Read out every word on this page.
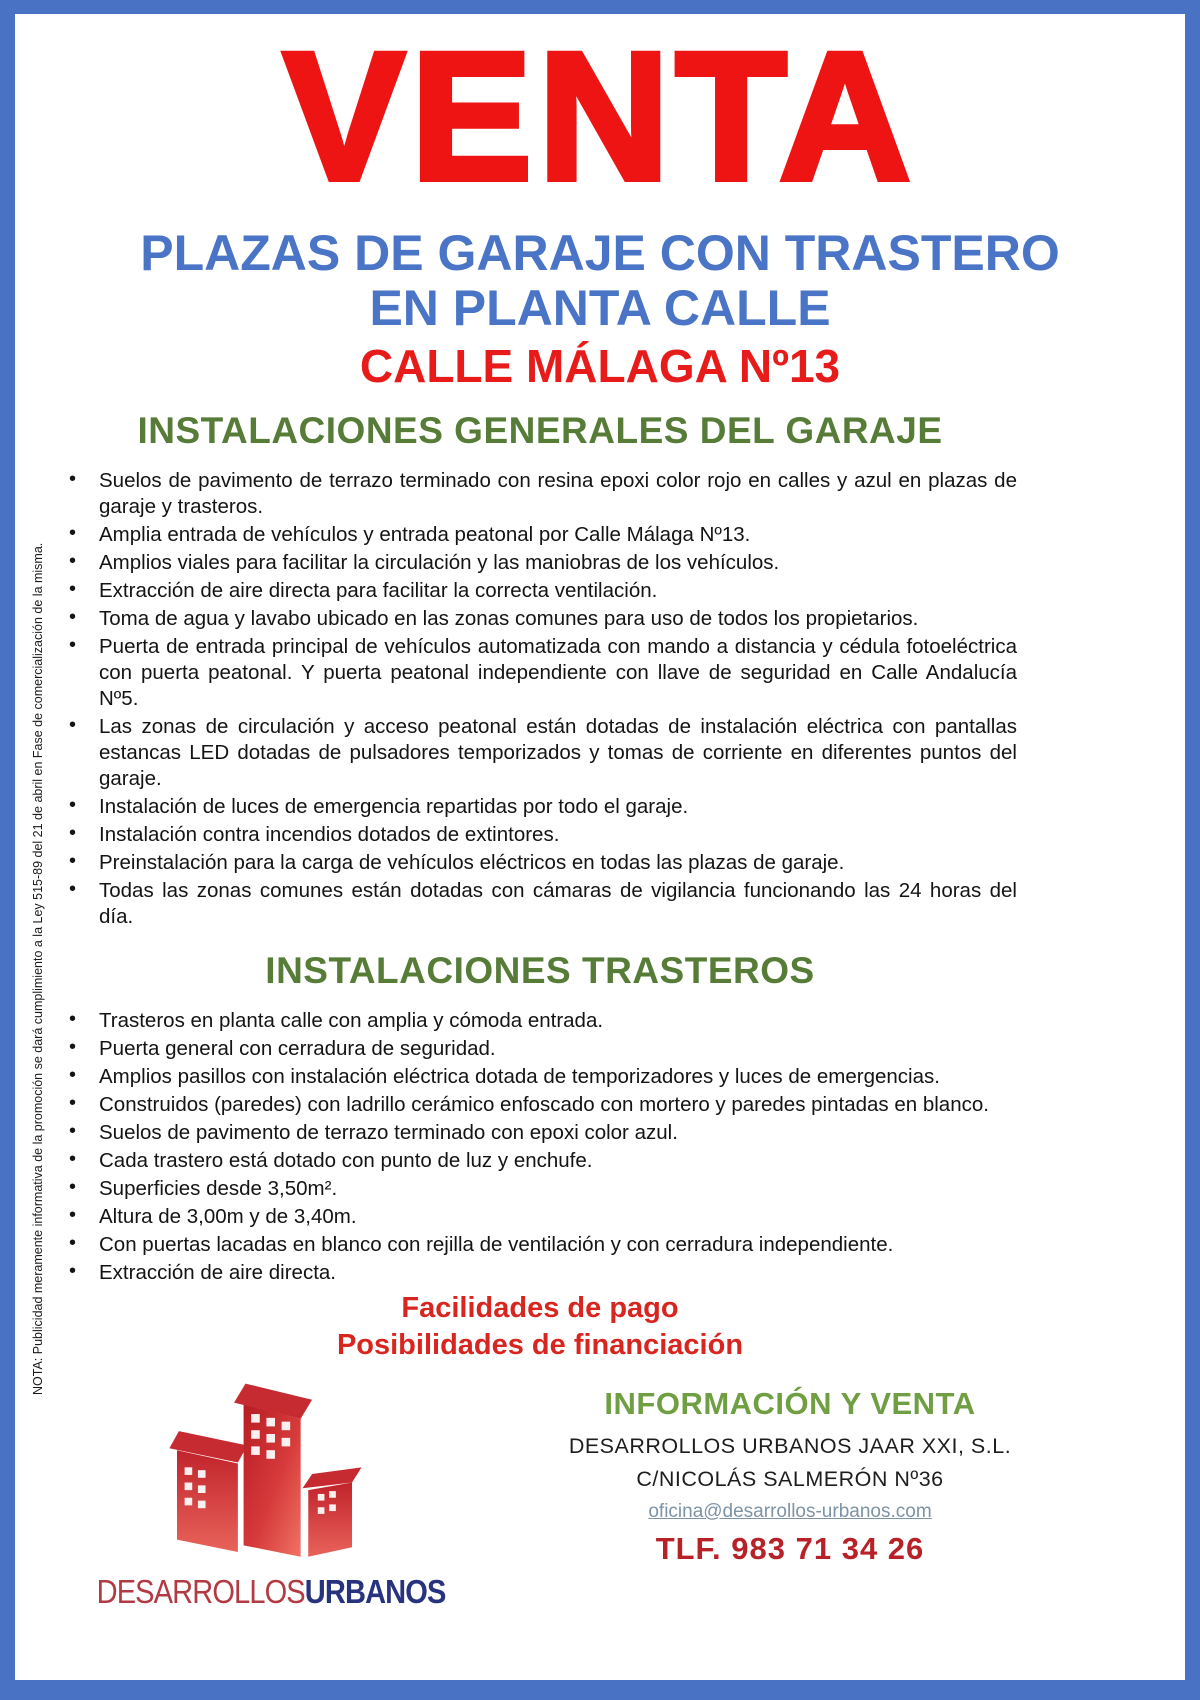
NOTA: Publicidad meramente informativa de la promoción se dará cumplimiento a la Ley 515-89 del 21 de abril en Fase de comercialización de la misma.
VENTA
PLAZAS DE GARAJE CON TRASTERO
EN PLANTA CALLE
CALLE MÁLAGA Nº13
INSTALACIONES GENERALES DEL GARAJE
•	Suelos de pavimento de terrazo terminado con resina epoxi color rojo en calles y azul en plazas de garaje y trasteros.
•	Amplia entrada de vehículos y entrada peatonal por Calle Málaga Nº13.
•	Amplios viales para facilitar la circulación y las maniobras de los vehículos.
•	Extracción de aire directa para facilitar la correcta ventilación.
•	Toma de agua y lavabo ubicado en las zonas comunes para uso de todos los propietarios.
•	Puerta de entrada principal de vehículos automatizada con mando a distancia y cédula fotoeléctrica con puerta peatonal. Y puerta peatonal independiente con llave de seguridad en Calle Andalucía Nº5.
•	Las zonas de circulación y acceso peatonal están dotadas de instalación eléctrica con pantallas estancas LED dotadas de pulsadores temporizados y tomas de corriente en diferentes puntos del garaje.
•	Instalación de luces de emergencia repartidas por todo el garaje.
•	Instalación contra incendios dotados de extintores.
•	Preinstalación para la carga de vehículos eléctricos en todas las plazas de garaje.
•	Todas las zonas comunes están dotadas con cámaras de vigilancia funcionando las 24 horas del día.
INSTALACIONES TRASTEROS
•	Trasteros en planta calle con amplia y cómoda entrada.
•	Puerta general con cerradura de seguridad.
•	Amplios pasillos con instalación eléctrica dotada de temporizadores y luces de emergencias.
•	Construidos (paredes) con ladrillo cerámico enfoscado con mortero y paredes pintadas en blanco.
•	Suelos de pavimento de terrazo terminado con epoxi color azul.
•	Cada trastero está dotado con punto de luz y enchufe.
•	Superficies desde 3,50m².
•	Altura de 3,00m y de 3,40m.
•	Con puertas lacadas en blanco con rejilla de ventilación y con cerradura independiente.
•	Extracción de aire directa.
Facilidades de pago
Posibilidades de financiación
DESARROLLOSURBANOS
INFORMACIÓN Y VENTA
DESARROLLOS URBANOS JAAR XXI, S.L.
C/NICOLÁS SALMERÓN Nº36
oficina@desarrollos-urbanos.com
TLF. 983 71 34 26
